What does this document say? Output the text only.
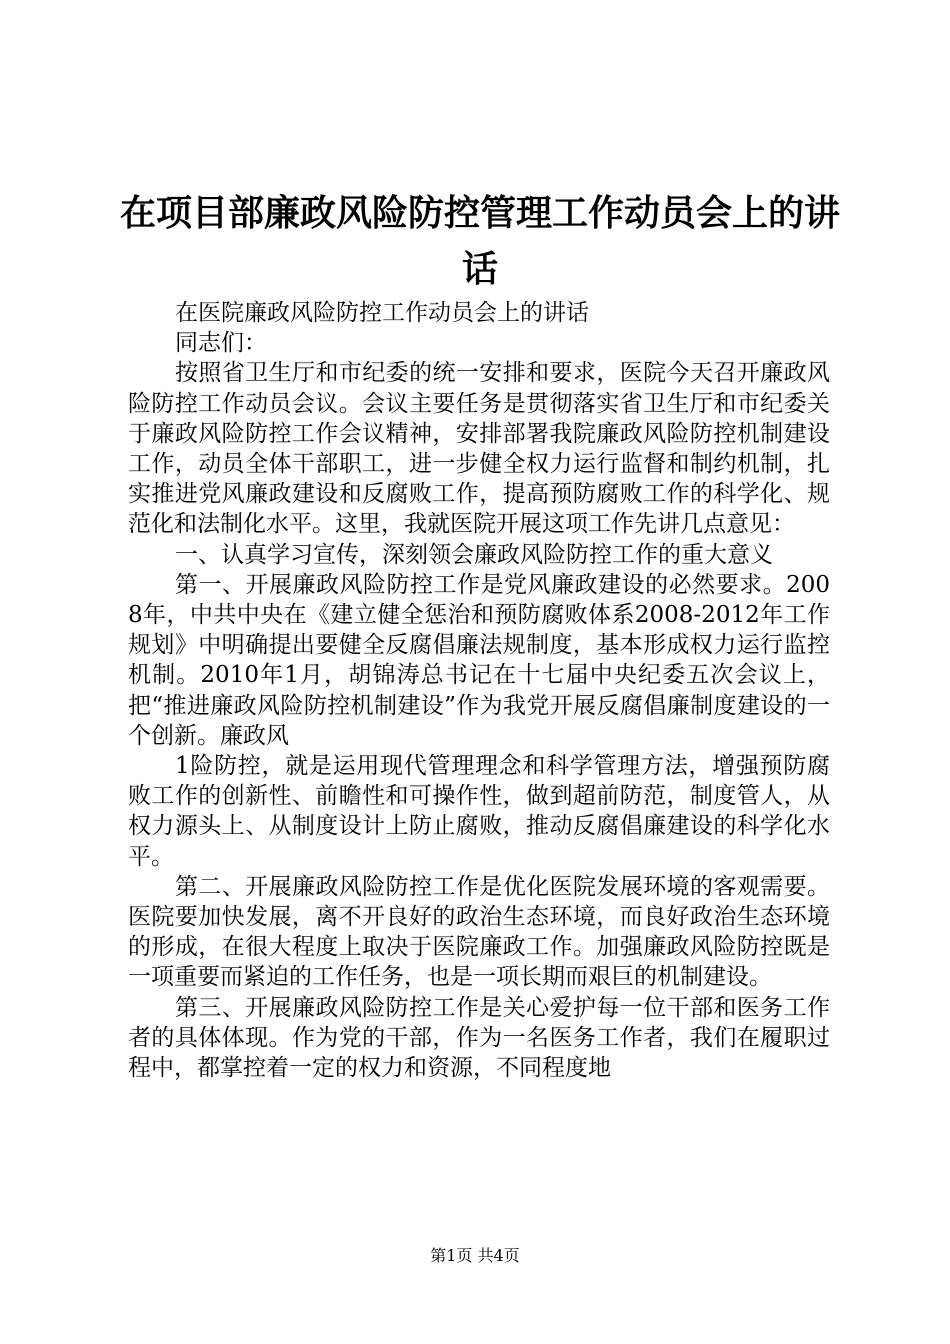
在项目部廉政风险防控管理工作动员会上的讲
话

在医院廉政风险防控工作动员会上的讲话

同志们：

按照省卫生厅和市纪委的统一安排和要求，医院今天召开廉政风险防控工作动员会议。会议主要任务是贯彻落实省卫生厅和市纪委关于廉政风险防控工作会议精神，安排部署我院廉政风险防控机制建设工作，动员全体干部职工，进一步健全权力运行监督和制约机制，扎实推进党风廉政建设和反腐败工作，提高预防腐败工作的科学化、规范化和法制化水平。这里，我就医院开展这项工作先讲几点意见：

一、认真学习宣传，深刻领会廉政风险防控工作的重大意义

第一、开展廉政风险防控工作是党风廉政建设的必然要求。2008年，中共中央在《建立健全惩治和预防腐败体系2008-2012年工作规划》中明确提出要健全反腐倡廉法规制度，基本形成权力运行监控机制。2010年1月，胡锦涛总书记在十七届中央纪委五次会议上，把“推进廉政风险防控机制建设”作为我党开展反腐倡廉制度建设的一个创新。廉政风

1险防控，就是运用现代管理理念和科学管理方法，增强预防腐败工作的创新性、前瞻性和可操作性，做到超前防范，制度管人，从权力源头上、从制度设计上防止腐败，推动反腐倡廉建设的科学化水平。

第二、开展廉政风险防控工作是优化医院发展环境的客观需要。医院要加快发展，离不开良好的政治生态环境，而良好政治生态环境的形成，在很大程度上取决于医院廉政工作。加强廉政风险防控既是一项重要而紧迫的工作任务，也是一项长期而艰巨的机制建设。

第三、开展廉政风险防控工作是关心爱护每一位干部和医务工作者的具体体现。作为党的干部，作为一名医务工作者，我们在履职过程中，都掌控着一定的权力和资源，不同程度地

第1页 共4页
